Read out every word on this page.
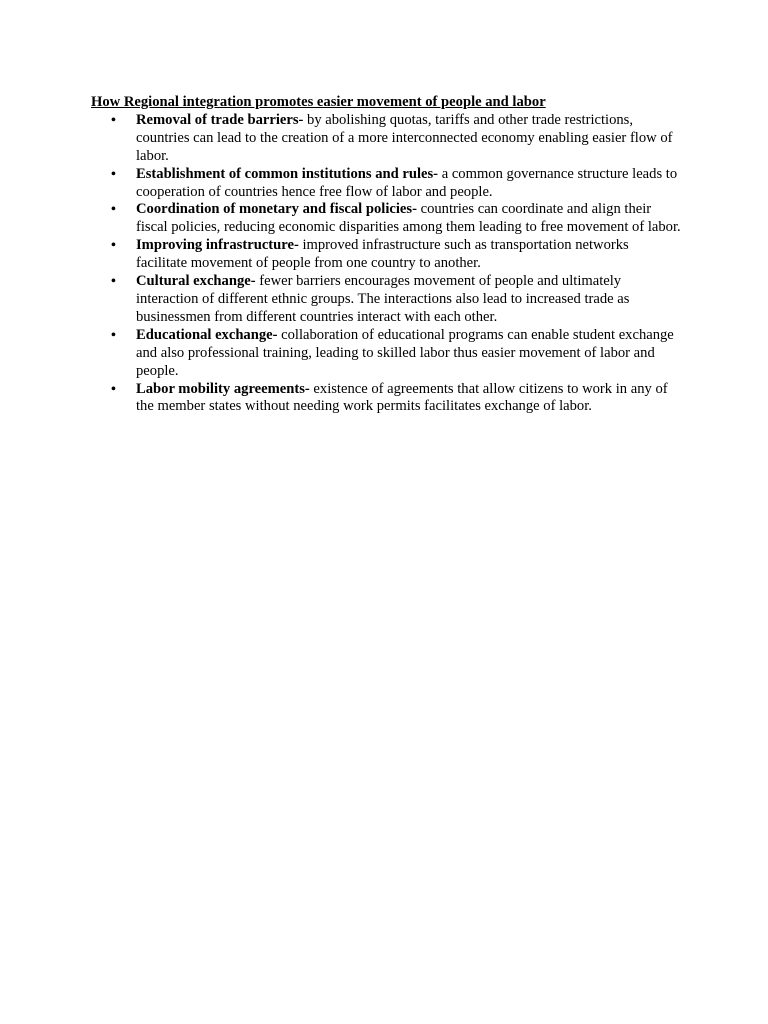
How Regional integration promotes easier movement of people and labor

• Removal of trade barriers- by abolishing quotas, tariffs and other trade restrictions, countries can lead to the creation of a more interconnected economy enabling easier flow of labor.
• Establishment of common institutions and rules- a common governance structure leads to cooperation of countries hence free flow of labor and people.
• Coordination of monetary and fiscal policies- countries can coordinate and align their fiscal policies, reducing economic disparities among them leading to free movement of labor.
• Improving infrastructure- improved infrastructure such as transportation networks facilitate movement of people from one country to another.
• Cultural exchange- fewer barriers encourages movement of people and ultimately interaction of different ethnic groups. The interactions also lead to increased trade as businessmen from different countries interact with each other.
• Educational exchange- collaboration of educational programs can enable student exchange and also professional training, leading to skilled labor thus easier movement of labor and people.
• Labor mobility agreements- existence of agreements that allow citizens to work in any of the member states without needing work permits facilitates exchange of labor.
